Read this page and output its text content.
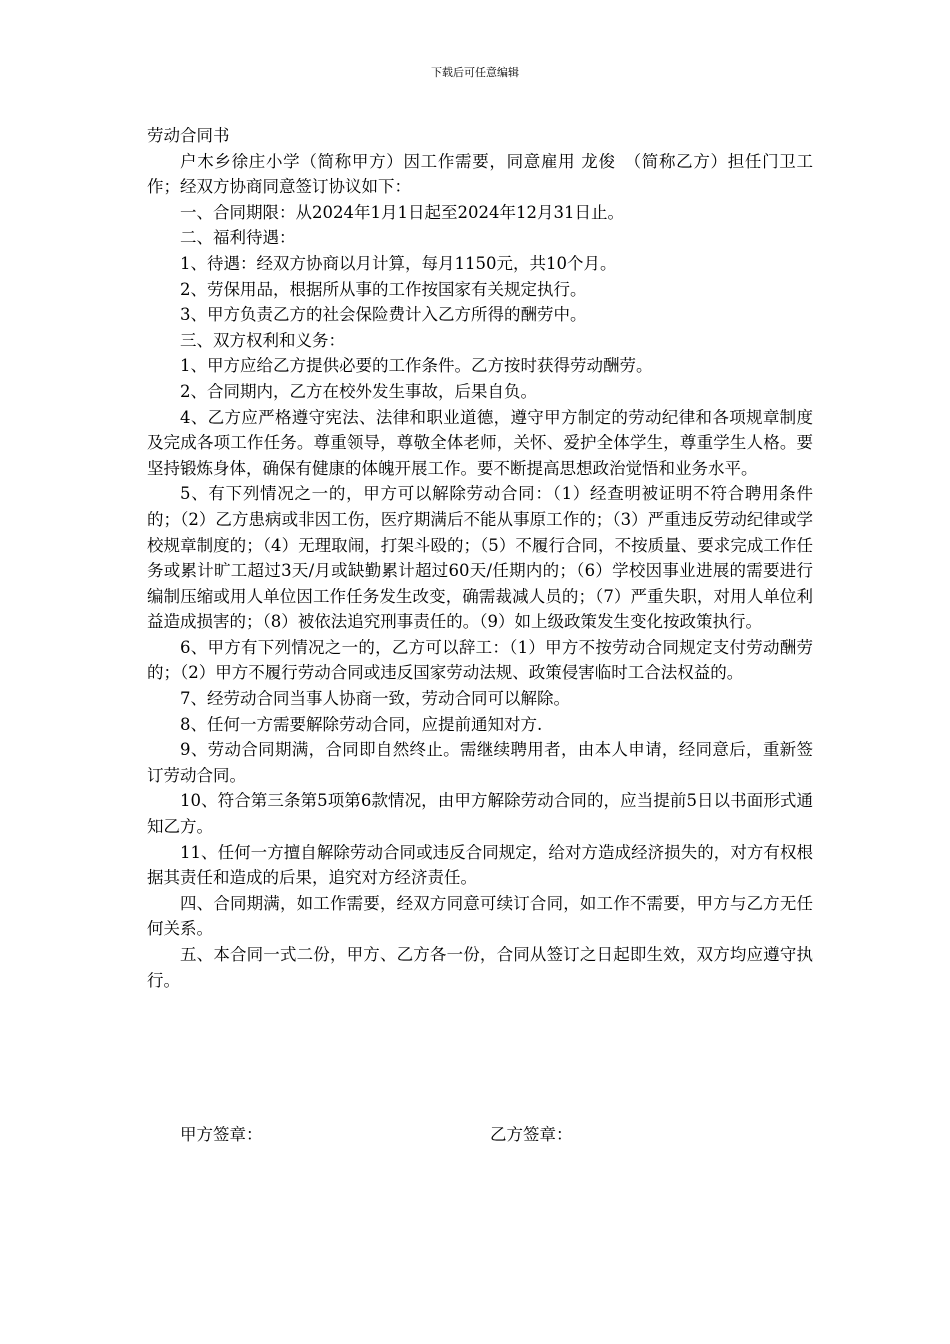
下载后可任意编辑

劳动合同书

户木乡徐庄小学（简称甲方）因工作需要，同意雇用 龙俊　（简称乙方）担任门卫工作；经双方协商同意签订协议如下：

一、合同期限：从2024年1月1日起至2024年12月31日止。

二、福利待遇：

1、待遇：经双方协商以月计算，每月1150元，共10个月。

2、劳保用品，根据所从事的工作按国家有关规定执行。

3、甲方负责乙方的社会保险费计入乙方所得的酬劳中。

三、双方权利和义务：

1、甲方应给乙方提供必要的工作条件。乙方按时获得劳动酬劳。

2、合同期内，乙方在校外发生事故，后果自负。

4、乙方应严格遵守宪法、法律和职业道德，遵守甲方制定的劳动纪律和各项规章制度及完成各项工作任务。尊重领导，尊敬全体老师，关怀、爱护全体学生，尊重学生人格。要坚持锻炼身体，确保有健康的体魄开展工作。要不断提高思想政治觉悟和业务水平。

5、有下列情况之一的，甲方可以解除劳动合同：（1）经查明被证明不符合聘用条件的；（2）乙方患病或非因工伤，医疗期满后不能从事原工作的；（3）严重违反劳动纪律或学校规章制度的；（4）无理取闹，打架斗殴的；（5）不履行合同，不按质量、要求完成工作任务或累计旷工超过3天/月或缺勤累计超过60天/任期内的；（6）学校因事业进展的需要进行编制压缩或用人单位因工作任务发生改变，确需裁减人员的；（7）严重失职，对用人单位利益造成损害的；（8）被依法追究刑事责任的。（9）如上级政策发生变化按政策执行。

6、甲方有下列情况之一的，乙方可以辞工：（1）甲方不按劳动合同规定支付劳动酬劳的；（2）甲方不履行劳动合同或违反国家劳动法规、政策侵害临时工合法权益的。

7、经劳动合同当事人协商一致，劳动合同可以解除。

8、任何一方需要解除劳动合同，应提前通知对方.

9、劳动合同期满，合同即自然终止。需继续聘用者，由本人申请，经同意后，重新签订劳动合同。

10、符合第三条第5项第6款情况，由甲方解除劳动合同的，应当提前5日以书面形式通知乙方。

11、任何一方擅自解除劳动合同或违反合同规定，给对方造成经济损失的，对方有权根据其责任和造成的后果，追究对方经济责任。

四、合同期满，如工作需要，经双方同意可续订合同，如工作不需要，甲方与乙方无任何关系。

五、本合同一式二份，甲方、乙方各一份，合同从签订之日起即生效，双方均应遵守执行。

甲方签章：	乙方签章：
